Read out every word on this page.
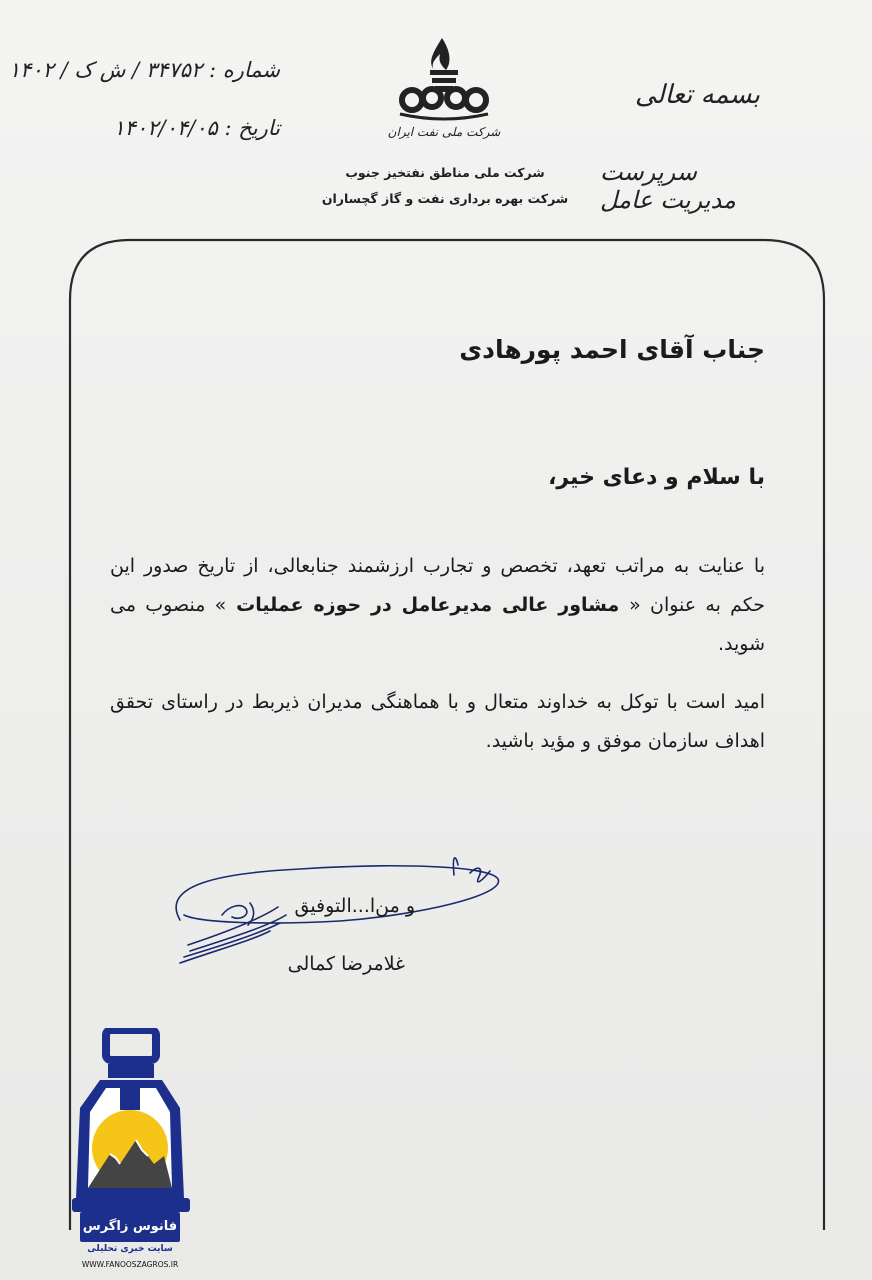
بسمه تعالی
سرپرست مدیریت عامل
شماره : ۳۴۷۵۲ / ش ک / ۱۴۰۲
تاریخ : ۱۴۰۲/۰۴/۰۵	شرکت ملی نفت ایران
شرکت ملی مناطق نفتخیز جنوب
شرکت بهره برداری نفت و گاز گچساران
جناب آقای احمد پورهادی
با سلام و دعای خیر،
با عنایت به مراتب تعهد، تخصص و تجارب ارزشمند جنابعالی، از تاریخ صدور این حکم به عنوان « مشاور عالی مدیرعامل در حوزه عملیات » منصوب می شوید.
امید است با توکل به خداوند متعال و با هماهنگی مدیران ذیربط در راستای تحقق اهداف سازمان موفق و مؤید باشید.
و من‌ا...التوفیق
غلامرضا کمالی
فانوس زاگرس
سایت خبری تحلیلی
WWW.FANOOSZAGROS.IR
